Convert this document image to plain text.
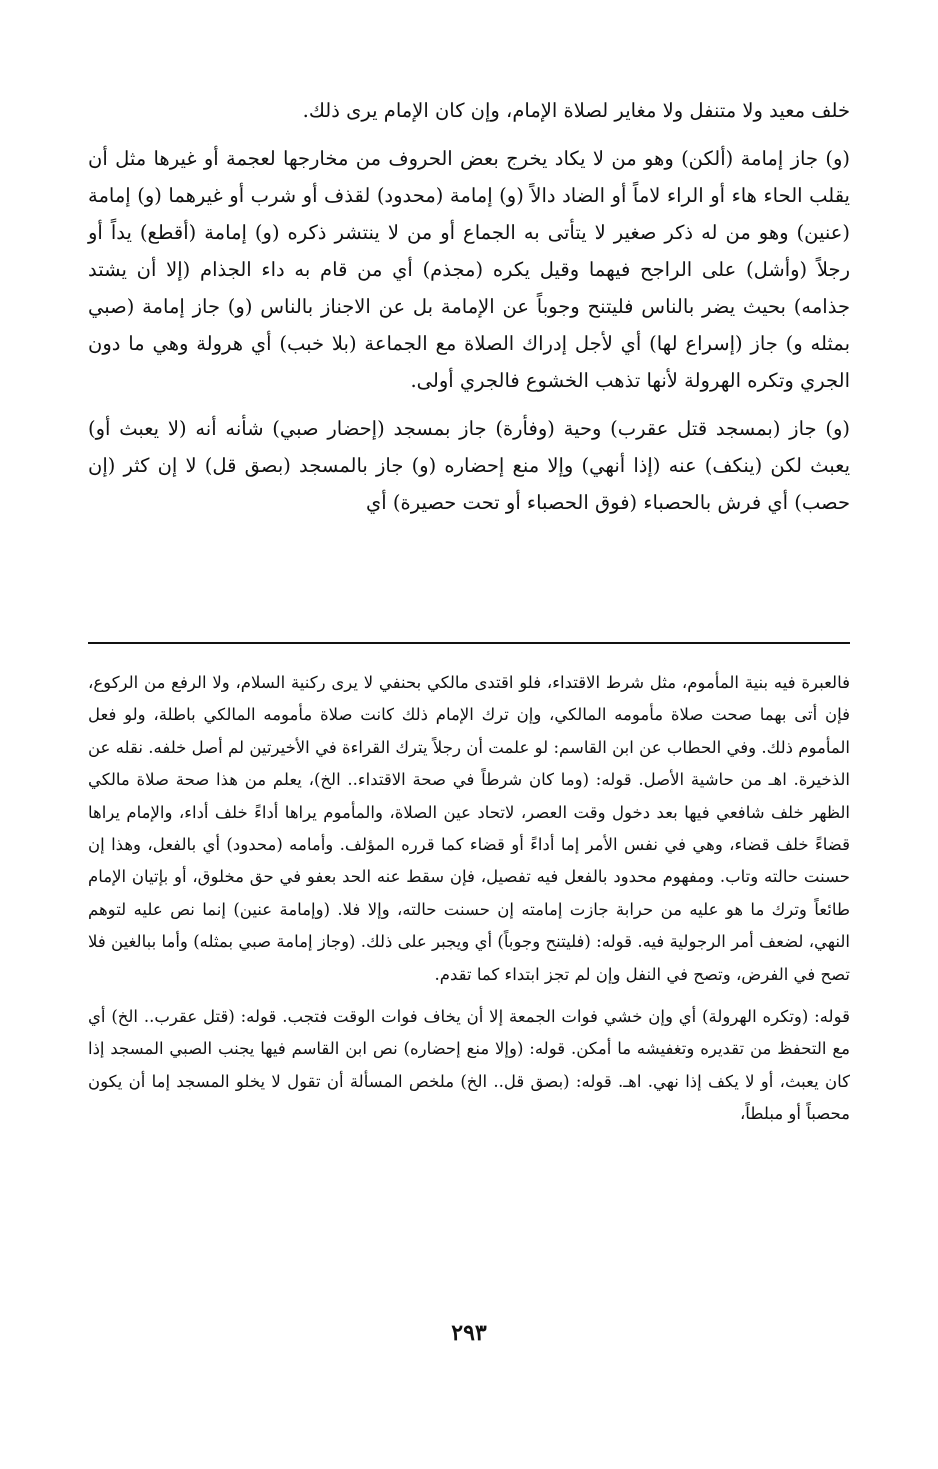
خلف معيد ولا متنفل ولا مغاير لصلاة الإمام، وإن كان الإمام يرى ذلك.

(و) جاز إمامة (ألكن) وهو من لا يكاد يخرج بعض الحروف من مخارجها لعجمة أو غيرها مثل أن يقلب الحاء هاء أو الراء لاماً أو الضاد دالاً (و) إمامة (محدود) لقذف أو شرب أو غيرهما (و) إمامة (عنين) وهو من له ذكر صغير لا يتأتى به الجماع أو من لا ينتشر ذكره (و) إمامة (أقطع) يداً أو رجلاً (وأشل) على الراجح فيهما وقيل يكره (مجذم) أي من قام به داء الجذام (إلا أن يشتد جذامه) بحيث يضر بالناس فليتنح وجوباً عن الإمامة بل عن الاجناز بالناس (و) جاز إمامة (صبي بمثله و) جاز (إسراع لها) أي لأجل إدراك الصلاة مع الجماعة (بلا خبب) أي هرولة وهي ما دون الجري وتكره الهرولة لأنها تذهب الخشوع فالجري أولى.

(و) جاز (بمسجد قتل عقرب) وحية (وفأرة) جاز بمسجد (إحضار صبي) شأنه أنه (لا يعبث أو) يعبث لكن (ينكف) عنه (إذا أنهي) وإلا منع إحضاره (و) جاز بالمسجد (بصق قل) لا إن كثر (إن حصب) أي فرش بالحصباء (فوق الحصباء أو تحت حصيرة) أي

فالعبرة فيه بنية المأموم، مثل شرط الاقتداء، فلو اقتدى مالكي بحنفي لا يرى ركنية السلام، ولا الرفع من الركوع، فإن أتى بهما صحت صلاة مأمومه المالكي، وإن ترك الإمام ذلك كانت صلاة مأمومه المالكي باطلة، ولو فعل المأموم ذلك. وفي الحطاب عن ابن القاسم: لو علمت أن رجلاً يترك القراءة في الأخيرتين لم أصل خلفه. نقله عن الذخيرة. اهـ من حاشية الأصل. قوله: (وما كان شرطاً في صحة الاقتداء.. الخ)، يعلم من هذا صحة صلاة مالكي الظهر خلف شافعي فيها بعد دخول وقت العصر، لاتحاد عين الصلاة، والمأموم يراها أداءً خلف أداء، والإمام يراها قضاءً خلف قضاء، وهي في نفس الأمر إما أداءً أو قضاء كما قرره المؤلف. وأمامه (محدود) أي بالفعل، وهذا إن حسنت حالته وتاب. ومفهوم محدود بالفعل فيه تفصيل، فإن سقط عنه الحد بعفو في حق مخلوق، أو بإتيان الإمام طائعاً وترك ما هو عليه من حرابة جازت إمامته إن حسنت حالته، وإلا فلا. (وإمامة عنين) إنما نص عليه لتوهم النهي، لضعف أمر الرجولية فيه. قوله: (فليتنح وجوباً) أي ويجبر على ذلك. (وجاز إمامة صبي بمثله) وأما ببالغين فلا تصح في الفرض، وتصح في النفل وإن لم تجز ابتداء كما تقدم.

قوله: (وتكره الهرولة) أي وإن خشي فوات الجمعة إلا أن يخاف فوات الوقت فتجب. قوله: (قتل عقرب.. الخ) أي مع التحفظ من تقديره وتغفيشه ما أمكن. قوله: (وإلا منع إحضاره) نص ابن القاسم فيها يجنب الصبي المسجد إذا كان يعبث، أو لا يكف إذا نهي. اهـ. قوله: (بصق قل.. الخ) ملخص المسألة أن تقول لا يخلو المسجد إما أن يكون محصباً أو مبلطاً،

٢٩٣
